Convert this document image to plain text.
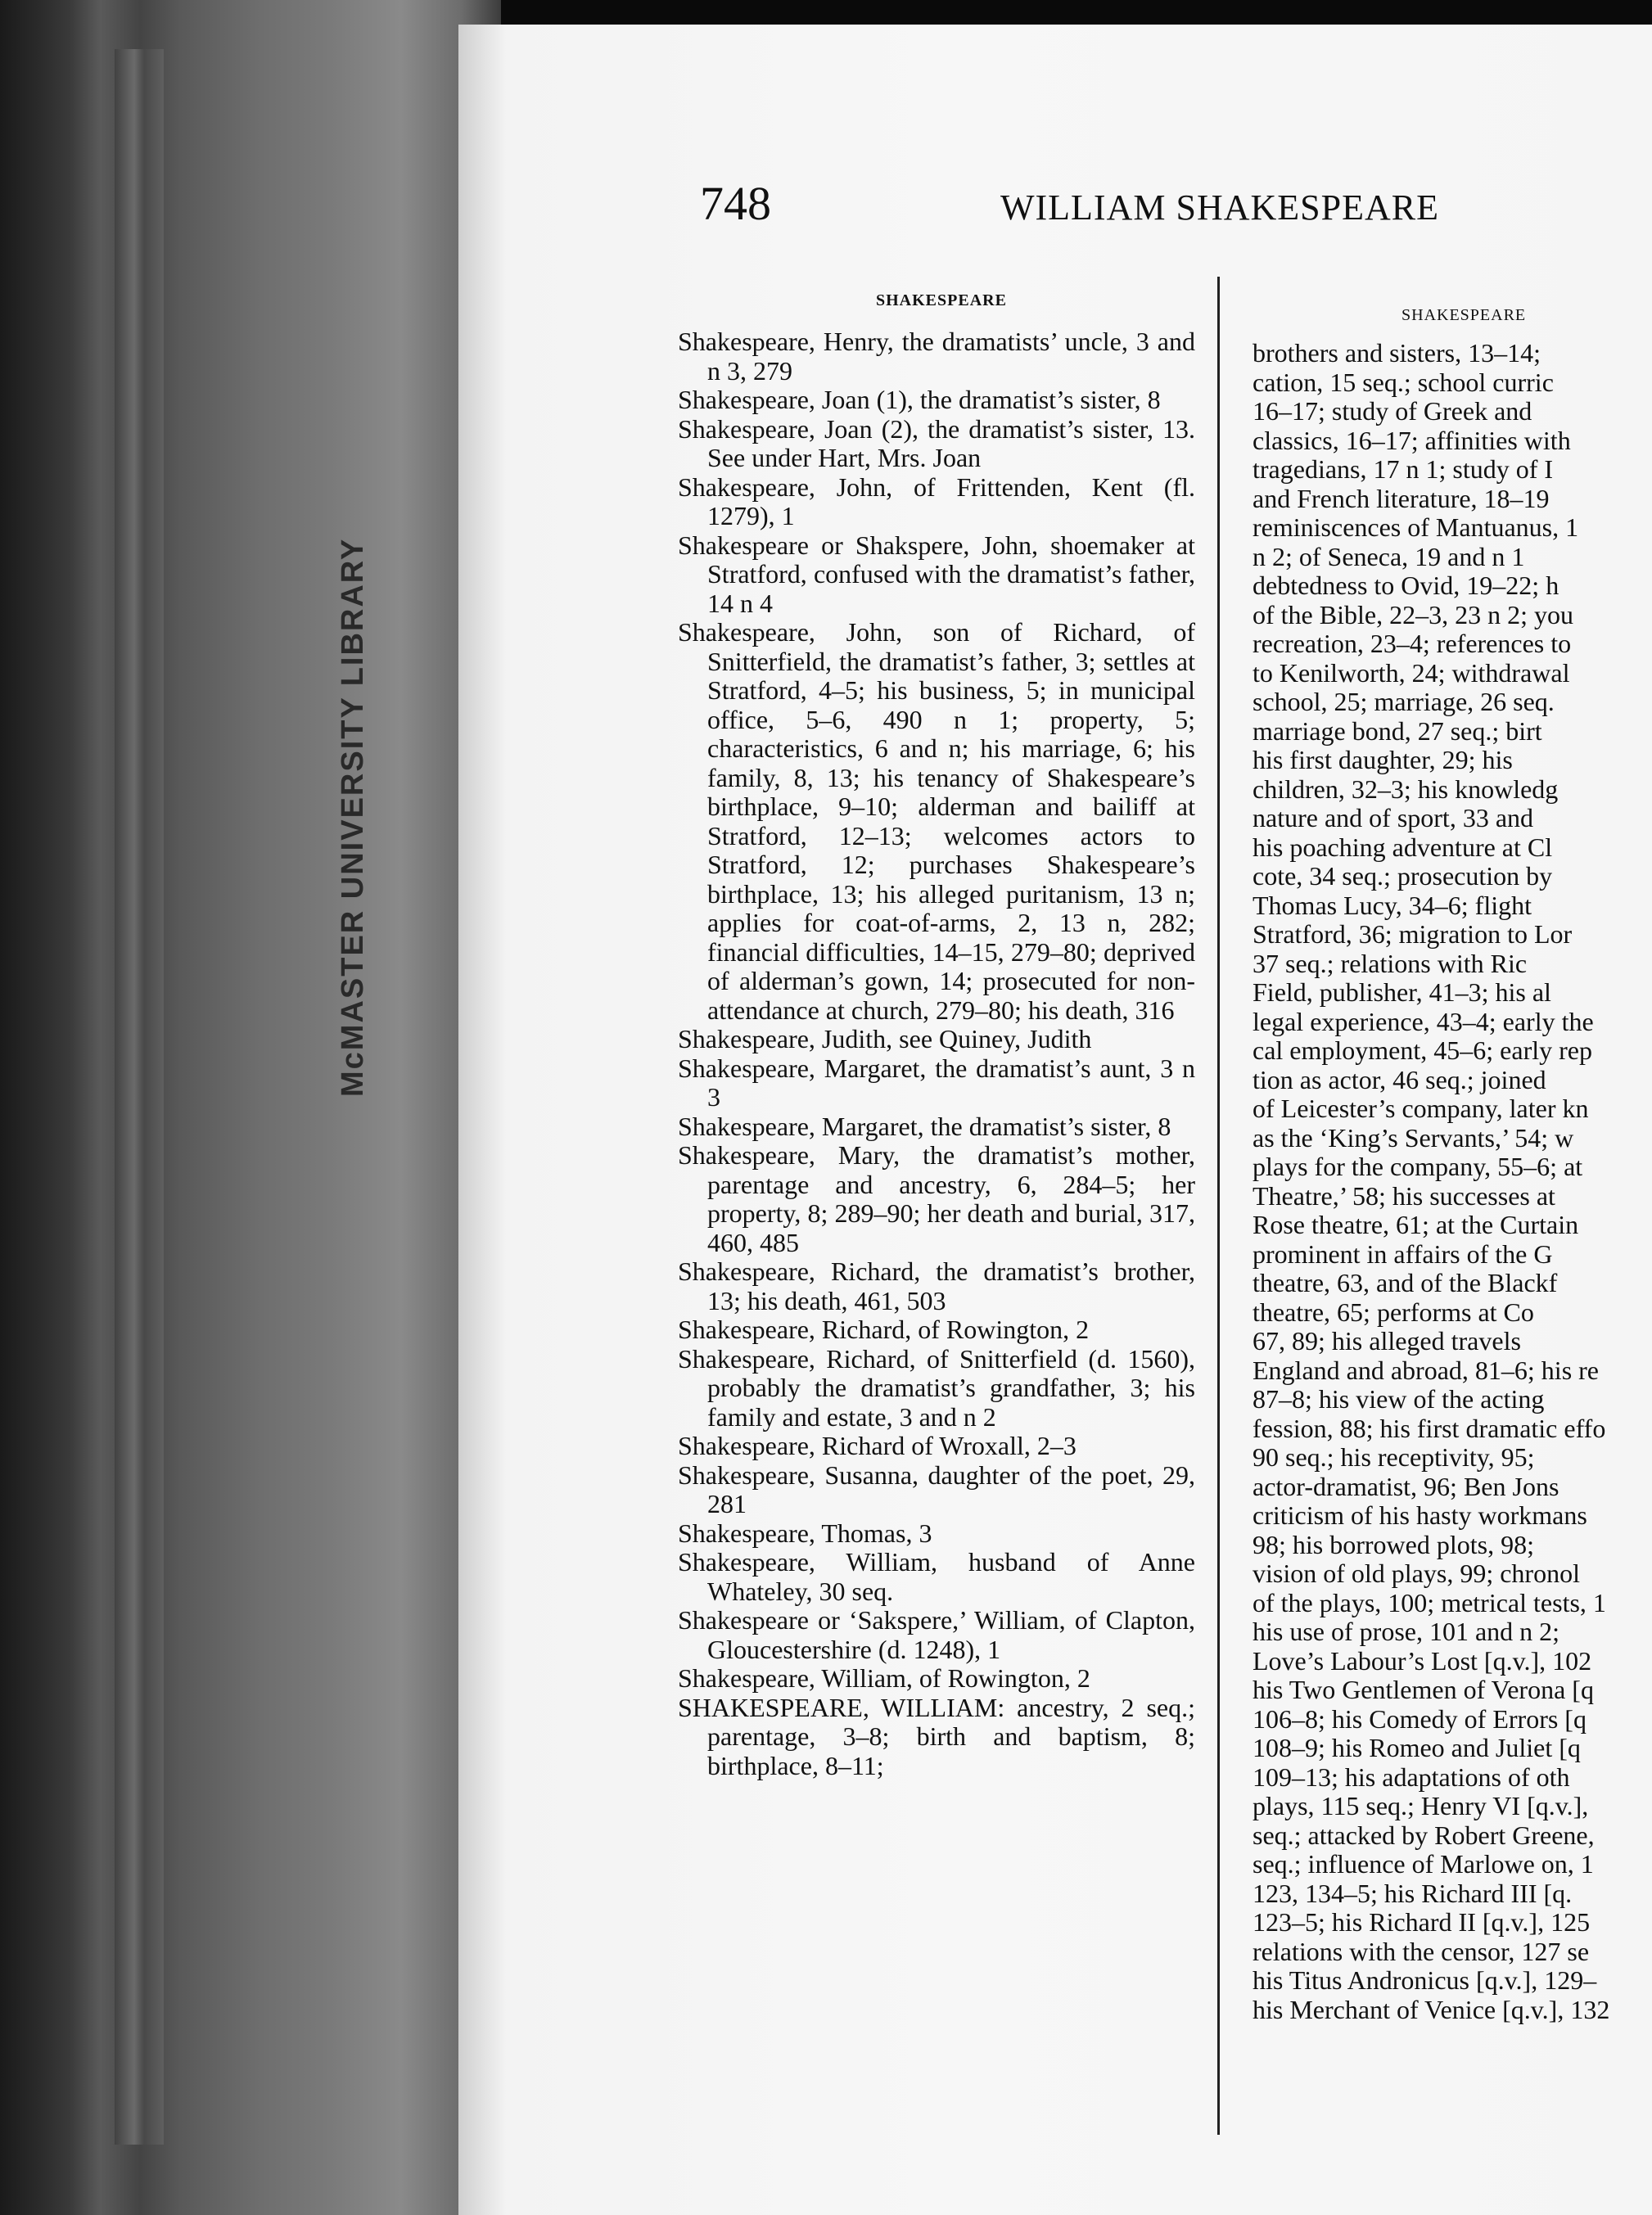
McMASTER UNIVERSITY LIBRARY
748	WILLIAM SHAKESPEARE
SHAKESPEARE
SHAKESPEARE
Shakespeare, Henry, the dramatists’ uncle, 3 and n 3, 279
Shakespeare, Joan (1), the dramatist’s sister, 8
Shakespeare, Joan (2), the dramatist’s sister, 13. See under Hart, Mrs. Joan
Shakespeare, John, of Frittenden, Kent (fl. 1279), 1
Shakespeare or Shakspere, John, shoemaker at Stratford, confused with the dramatist’s father, 14 n 4
Shakespeare, John, son of Richard, of Snitterfield, the dramatist’s father, 3; settles at Stratford, 4–5; his business, 5; in municipal office, 5–6, 490 n 1; property, 5; characteristics, 6 and n; his marriage, 6; his family, 8, 13; his tenancy of Shakespeare’s birthplace, 9–10; alderman and bailiff at Stratford, 12–13; welcomes actors to Stratford, 12; purchases Shakespeare’s birthplace, 13; his alleged puritanism, 13 n; applies for coat-of-arms, 2, 13 n, 282; financial difficulties, 14–15, 279–80; deprived of alderman’s gown, 14; prosecuted for non-attendance at church, 279–80; his death, 316
Shakespeare, Judith, see Quiney, Judith
Shakespeare, Margaret, the dramatist’s aunt, 3 n 3
Shakespeare, Margaret, the dramatist’s sister, 8
Shakespeare, Mary, the dramatist’s mother, parentage and ancestry, 6, 284–5; her property, 8; 289–90; her death and burial, 317, 460, 485
Shakespeare, Richard, the dramatist’s brother, 13; his death, 461, 503
Shakespeare, Richard, of Rowington, 2
Shakespeare, Richard, of Snitterfield (d. 1560), probably the dramatist’s grandfather, 3; his family and estate, 3 and n 2
Shakespeare, Richard of Wroxall, 2–3
Shakespeare, Susanna, daughter of the poet, 29, 281
Shakespeare, Thomas, 3
Shakespeare, William, husband of Anne Whateley, 30 seq.
Shakespeare or ‘Sakspere,’ William, of Clapton, Gloucestershire (d. 1248), 1
Shakespeare, William, of Rowington, 2
SHAKESPEARE, WILLIAM: ancestry, 2 seq.; parentage, 3–8; birth and baptism, 8; birthplace, 8–11;
brothers and sisters, 13–14;
cation, 15 seq.; school curric
16–17; study of Greek and
classics, 16–17; affinities with
tragedians, 17 n 1; study of I
and French literature, 18–19
reminiscences of Mantuanus, 1
n 2; of Seneca, 19 and n 1
debtedness to Ovid, 19–22; h
of the Bible, 22–3, 23 n 2; you
recreation, 23–4; references to
to Kenilworth, 24; withdrawal
school, 25; marriage, 26 seq.
marriage bond, 27 seq.; birt
his first daughter, 29; his
children, 32–3; his knowledg
nature and of sport, 33 and
his poaching adventure at Cl
cote, 34 seq.; prosecution by
Thomas Lucy, 34–6; flight
Stratford, 36; migration to Lor
37 seq.; relations with Ric
Field, publisher, 41–3; his al
legal experience, 43–4; early the
cal employment, 45–6; early rep
tion as actor, 46 seq.; joined
of Leicester’s company, later kn
as the ‘King’s Servants,’ 54; w
plays for the company, 55–6; at
Theatre,’ 58; his successes at
Rose theatre, 61; at the Curtain
prominent in affairs of the G
theatre, 63, and of the Blackf
theatre, 65; performs at Co
67, 89; his alleged travels
England and abroad, 81–6; his re
87–8; his view of the acting
fession, 88; his first dramatic effo
90 seq.; his receptivity, 95;
actor-dramatist, 96; Ben Jons
criticism of his hasty workmans
98; his borrowed plots, 98;
vision of old plays, 99; chronol
of the plays, 100; metrical tests, 1
his use of prose, 101 and n 2;
Love’s Labour’s Lost [q.v.], 102
his Two Gentlemen of Verona [q
106–8; his Comedy of Errors [q
108–9; his Romeo and Juliet [q
109–13; his adaptations of oth
plays, 115 seq.; Henry VI [q.v.],
seq.; attacked by Robert Greene,
seq.; influence of Marlowe on, 1
123, 134–5; his Richard III [q.
123–5; his Richard II [q.v.], 125
relations with the censor, 127 se
his Titus Andronicus [q.v.], 129–
his Merchant of Venice [q.v.], 132
